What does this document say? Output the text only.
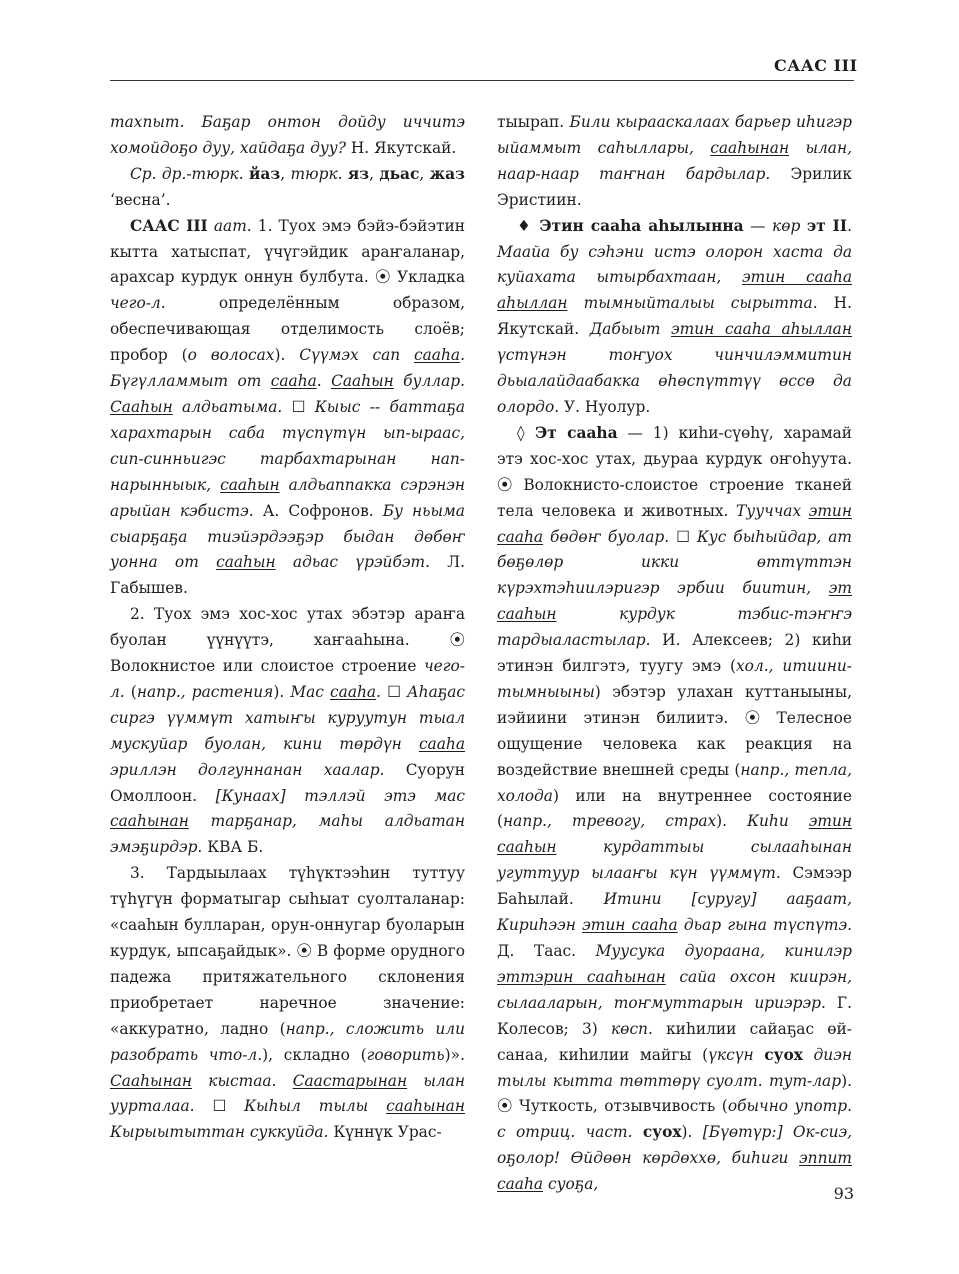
СААС III

тахпыт. Баҕар онтон дойду иччитэ хомойдоҕо дуу, хайдаҕа дуу? Н. Якутскай.

Ср. др.-тюрк. йаз, тюрк. яз, дьас, жаз ‘весна’.

СААС III аат. 1. Туох эмэ бэйэ-бэйэтин кытта хатыспат, үчүгэйдик араҥаланар, арахсар курдук оннун булбута. ⦿ Укладка чего-л. определённым образом, обеспечивающая отделимость слоёв; пробор (о волосах). Сүүмэх сап сааһа. Бүгүлламмыт от сааһа. Сааһын буллар. Сааһын алдьатыма. ☐ Кыыс -- баттаҕа харахтарын саба түспүтүн ып-ыраас, сип-синньигэс тарбахтарынан нап-нарынныык, сааһын алдьаппакка сэрэнэн арыйан кэбистэ. А. Софронов. Бу ньыма сыарҕаҕа тиэйэрдээҕэр быдан дөбөҥ уонна от сааһын адьас үрэйбэт. Л. Габышев.

2. Туох эмэ хос-хос утах эбэтэр араҥа буолан үүнүүтэ, хаҥааһына. ⦿ Волокнистое или слоистое строение чего-л. (напр., растения). Мас сааһа. ☐ Аһаҕас сиргэ үүммүт хатыҥы куруутун тыал мускуйар буолан, кини төрдүн сааһа эриллэн долгуннанан хаалар. Суорун Омоллоон. [Кунаах] тэллэй этэ мас сааһынан тарҕанар, маһы алдьатан эмэҕирдэр. КВА Б.

3. Тардыылаах түһүктээһин туттуу түһүгүн форматыгар сыһыат суолталанар: «сааһын булларан, орун-оннугар буоларын курдук, ыпсаҕайдык». ⦿ В форме орудного падежа притяжательного склонения приобретает наречное значение: «аккуратно, ладно (напр., сложить или разобрать что-л.), складно (говорить)». Сааһынан кыстаа. Саастарынан ылан уурталаа. ☐ Кыһыл тылы сааһынан Кырыытыттан суккуйда. Күннүк Урас-

тыырап. Били кырааскалаах барьер иһигэр ыйаммыт саһыллары, сааһынан ылан, наар-наар таҥнан бардылар. Эрилик Эристиин.

♦ Этин сааһа аһылынна — көр эт II. Маайа бу сэһэни истэ олорон хаста да куйахата ытырбахтаан, этин сааһа аһыллан тымныйталыы сырытта. Н. Якутскай. Дабыыт этин сааһа аһыллан үстүнэн тоҥуох чинчилэммитин дьыалайдаабакка өһөспүттүү өссө да олордо. У. Нуолур.

◊ Эт сааһа — 1) киһи-сүөһү, харамай этэ хос-хос утах, дьураа курдук оҥоһуута. ⦿ Волокнисто-слоистое строение тканей тела человека и животных. Тууччах этин сааһа бөдөҥ буолар. ☐ Кус быһыйдар, ат бөҕөлөр икки өттүттэн күрэхтэһиилэригэр эрбии биитин, эт сааһын курдук тэбис-тэҥҥэ тардыаластылар. И. Алексеев; 2) киһи этинэн билгэтэ, туугу эмэ (хол., итиини-тымныыны) эбэтэр улахан куттаныыны, иэйиини этинэн билиитэ. ⦿ Телесное ощущение человека как реакция на воздействие внешней среды (напр., тепла, холода) или на внутреннее состояние (напр., тревогу, страх). Киһи этин сааһын курдаттыы сылааһынан угуттуур ылааҥы күн үүммүт. Сэмээр Баһылай. Итини [суругу] ааҕаат, Кириһээн этин сааһа дьар гына түспүтэ. Д. Таас. Муусука дуораана, кинилэр эттэрин сааһынан сайа охсон киирэн, сылааларын, тоҥмуттарын ириэрэр. Г. Колесов; 3) көсп. киһилии сайаҕас өй-санаа, киһилии майгы (үксүн суох диэн тылы кытта төттөрү суолт. тут-лар). ⦿ Чуткость, отзывчивость (обычно употр. с отриц. част. суох). [Бүөтүр:] Ок-сиэ, оҕолор! Өйдөөн көрдөххө, биһиги эппит сааһа суоҕа,	93
